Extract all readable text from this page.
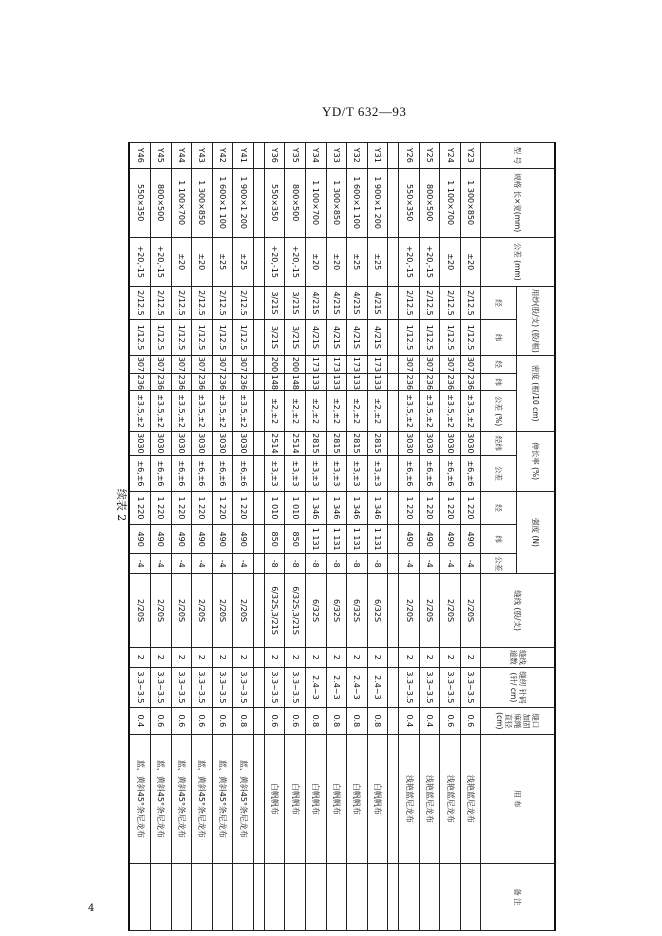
YD/T 632—93
续表 2
4
型 号	规格 长×宽(mm)	公差 (mm)	用纱(股/支) (股/根)		密度 (根/10 cm)			伸长率 (%)		强度 (N)			缝线 (股/支)	缝线 道数	缝纫 针码 (针/ cm)	缝口 加固 麻绳 直径 (cm)	用 布	备 注
			经	纬	经	纬	公差 (%)	经纬	公差	经	纬	公差						
Y23	1 300×850	±20	2/12.5	1/12.5	307	236	±3.5,±2	3030	±6,±6	1 220	490	-4	2/20S	2	3.3~3.5	0.6	浅艳蓝尼龙布	
Y24	1 100×700	±20	2/12.5	1/12.5	307	236	±3.5,±2	3030	±6,±6	1 220	490	-4	2/20S	2	3.3~3.5	0.6	浅艳蓝尼龙布	
Y25	800×500	+20,-15	2/12.5	1/12.5	307	236	±3.5,±2	3030	±6,±6	1 220	490	-4	2/20S	2	3.3~3.5	0.4	浅艳蓝尼龙布	
Y26	550×350	+20,-15	2/12.5	1/12.5	307	236	±3.5,±2	3030	±6,±6	1 220	490	-4	2/20S	2	3.3~3.5	0.4	浅艳蓝尼龙布	

Y31	1 900×1 200	±25	4/21S	4/21S	173	133	±2,±2	2815	±3,±3	1 346	1 131	-8	6/32S	2	2.4~3	0.8	白帆帆布	
Y32	1 600×1 100	±25	4/21S	4/21S	173	133	±2,±2	2815	±3,±3	1 346	1 131	-8	6/32S	2	2.4~3	0.8	白帆帆布	
Y33	1 300×850	±20	4/21S	4/21S	173	133	±2,±2	2815	±3,±3	1 346	1 131	-8	6/32S	2	2.4~3	0.8	白帆帆布	
Y34	1 100×700	±20	4/21S	4/21S	173	133	±2,±2	2815	±3,±3	1 346	1 131	-8	6/32S	2	2.4~3	0.8	白帆帆布	
Y35	800×500	+20,-15	3/21S	3/21S	200	148	±2,±2	2514	±3,±3	1 010	850	-8	6/32S,3/21S	2	3.3~3.5	0.6	白帆帆布	
Y36	550×350	+20,-15	3/21S	3/21S	200	148	±2,±2	2514	±3,±3	1 010	850	-8	6/32S,3/21S	2	3.3~3.5	0.6	白帆帆布	

Y41	1 900×1 200	±25	2/12.5	1/12.5	307	236	±3.5,±2	3030	±6,±6	1 220	490	-4	2/20S	2	3.3~3.5	0.8	蓝、黄斜45°条尼龙布	
Y42	1 600×1 100	±25	2/12.5	1/12.5	307	236	±3.5,±2	3030	±6,±6	1 220	490	-4	2/20S	2	3.3~3.5	0.6	蓝、黄斜45°条尼龙布	
Y43	1 300×850	±20	2/12.5	1/12.5	307	236	±3.5,±2	3030	±6,±6	1 220	490	-4	2/20S	2	3.3~3.5	0.6	蓝、黄斜45°条尼龙布	
Y44	1 100×700	±20	2/12.5	1/12.5	307	236	±3.5,±2	3030	±6,±6	1 220	490	-4	2/20S	2	3.3~3.5	0.6	蓝、黄斜45°条尼龙布	
Y45	800×500	+20,-15	2/12.5	1/12.5	307	236	±3.5,±2	3030	±6,±6	1 220	490	-4	2/20S	2	3.3~3.5	0.6	蓝、黄斜45°条尼龙布	
Y46	550×350	+20,-15	2/12.5	1/12.5	307	236	±3.5,±2	3030	±6,±6	1 220	490	-4	2/20S	2	3.3~3.5	0.4	蓝、黄斜45°条尼龙布	
